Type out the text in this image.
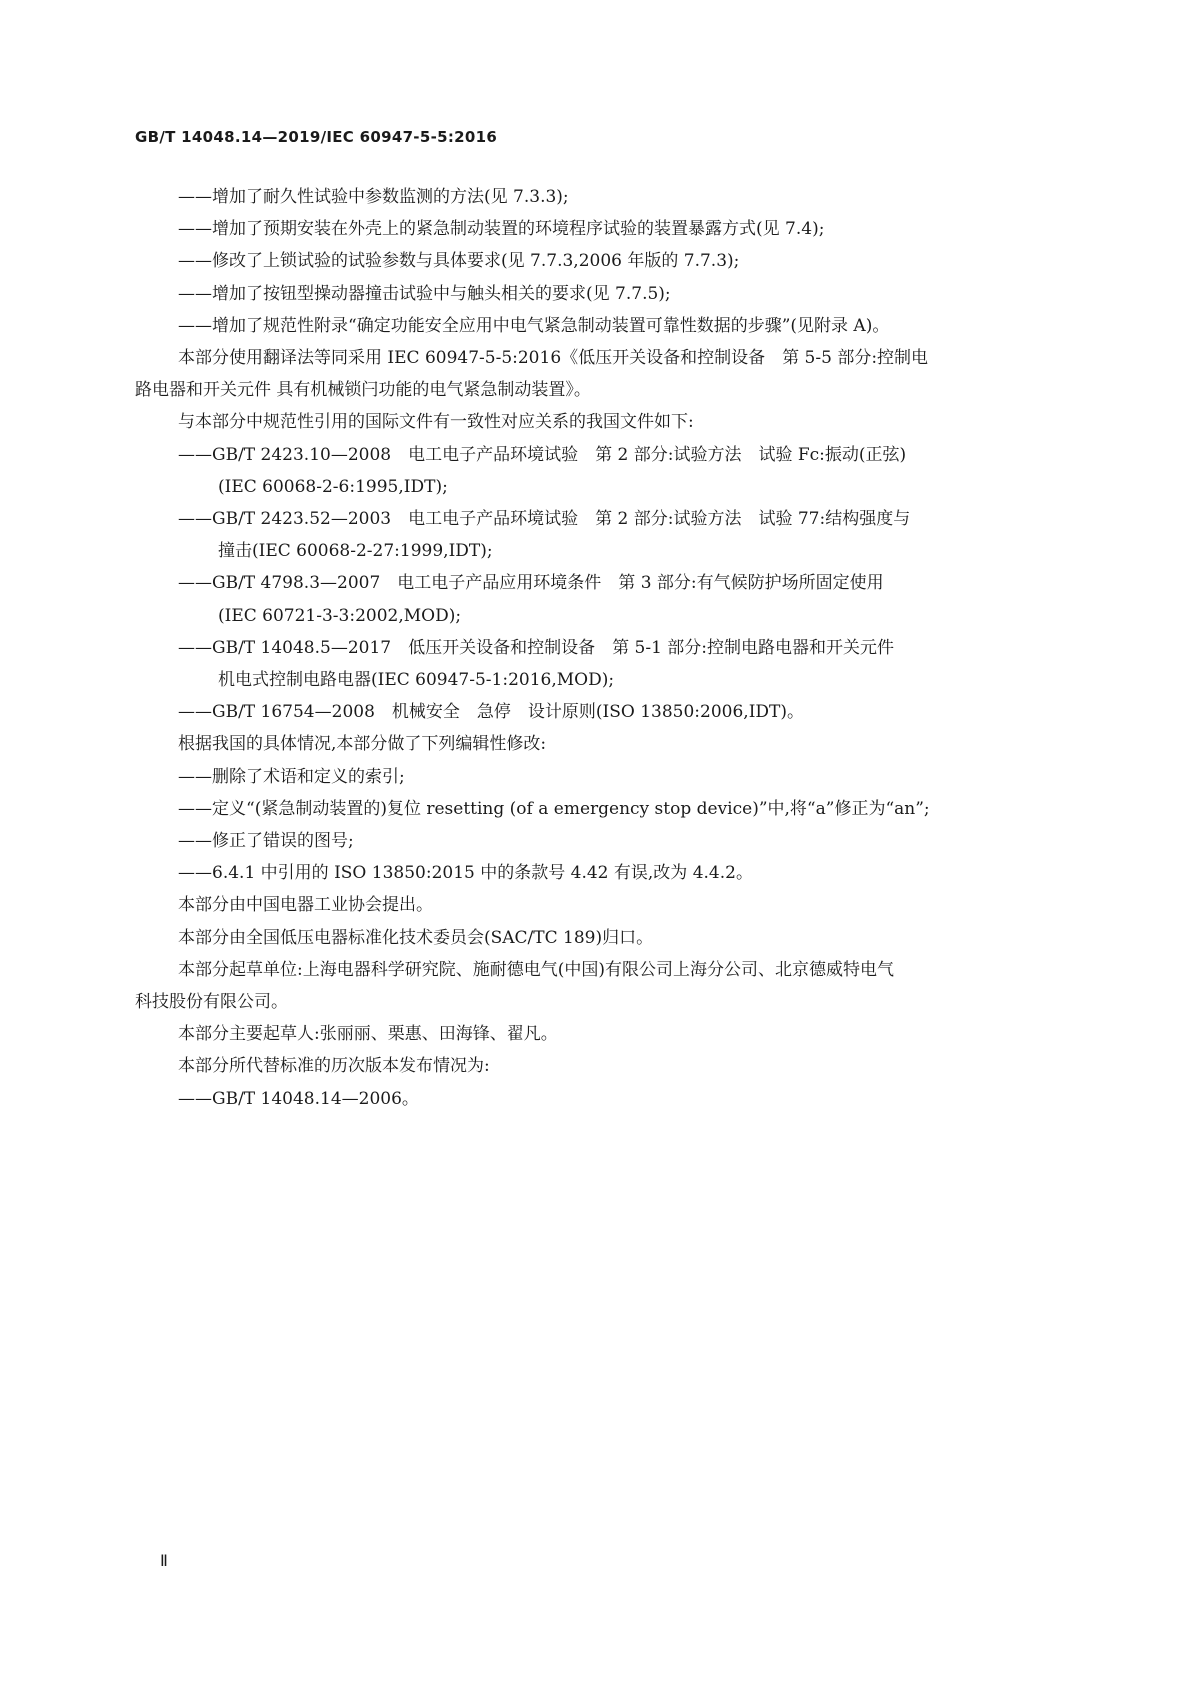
GB/T 14048.14—2019/IEC 60947-5-5:2016
——增加了耐久性试验中参数监测的方法(见 7.3.3);
——增加了预期安装在外壳上的紧急制动装置的环境程序试验的装置暴露方式(见 7.4);
——修改了上锁试验的试验参数与具体要求(见 7.7.3,2006 年版的 7.7.3);
——增加了按钮型操动器撞击试验中与触头相关的要求(见 7.7.5);
——增加了规范性附录“确定功能安全应用中电气紧急制动装置可靠性数据的步骤”(见附录 A)。
本部分使用翻译法等同采用 IEC 60947-5-5:2016《低压开关设备和控制设备　第 5-5 部分:控制电
路电器和开关元件 具有机械锁闩功能的电气紧急制动装置》。
与本部分中规范性引用的国际文件有一致性对应关系的我国文件如下:
——GB/T 2423.10—2008　电工电子产品环境试验　第 2 部分:试验方法　试验 Fc:振动(正弦)
(IEC 60068-2-6:1995,IDT);
——GB/T 2423.52—2003　电工电子产品环境试验　第 2 部分:试验方法　试验 77:结构强度与
撞击(IEC 60068-2-27:1999,IDT);
——GB/T 4798.3—2007　电工电子产品应用环境条件　第 3 部分:有气候防护场所固定使用
(IEC 60721-3-3:2002,MOD);
——GB/T 14048.5—2017　低压开关设备和控制设备　第 5-1 部分:控制电路电器和开关元件
机电式控制电路电器(IEC 60947-5-1:2016,MOD);
——GB/T 16754—2008　机械安全　急停　设计原则(ISO 13850:2006,IDT)。
根据我国的具体情况,本部分做了下列编辑性修改:
——删除了术语和定义的索引;
——定义“(紧急制动装置的)复位 resetting (of a emergency stop device)”中,将“a”修正为“an”;
——修正了错误的图号;
——6.4.1 中引用的 ISO 13850:2015 中的条款号 4.42 有误,改为 4.4.2。
本部分由中国电器工业协会提出。
本部分由全国低压电器标准化技术委员会(SAC/TC 189)归口。
本部分起草单位:上海电器科学研究院、施耐德电气(中国)有限公司上海分公司、北京德威特电气
科技股份有限公司。
本部分主要起草人:张丽丽、栗惠、田海锋、翟凡。
本部分所代替标准的历次版本发布情况为:
——GB/T 14048.14—2006。
Ⅱ
